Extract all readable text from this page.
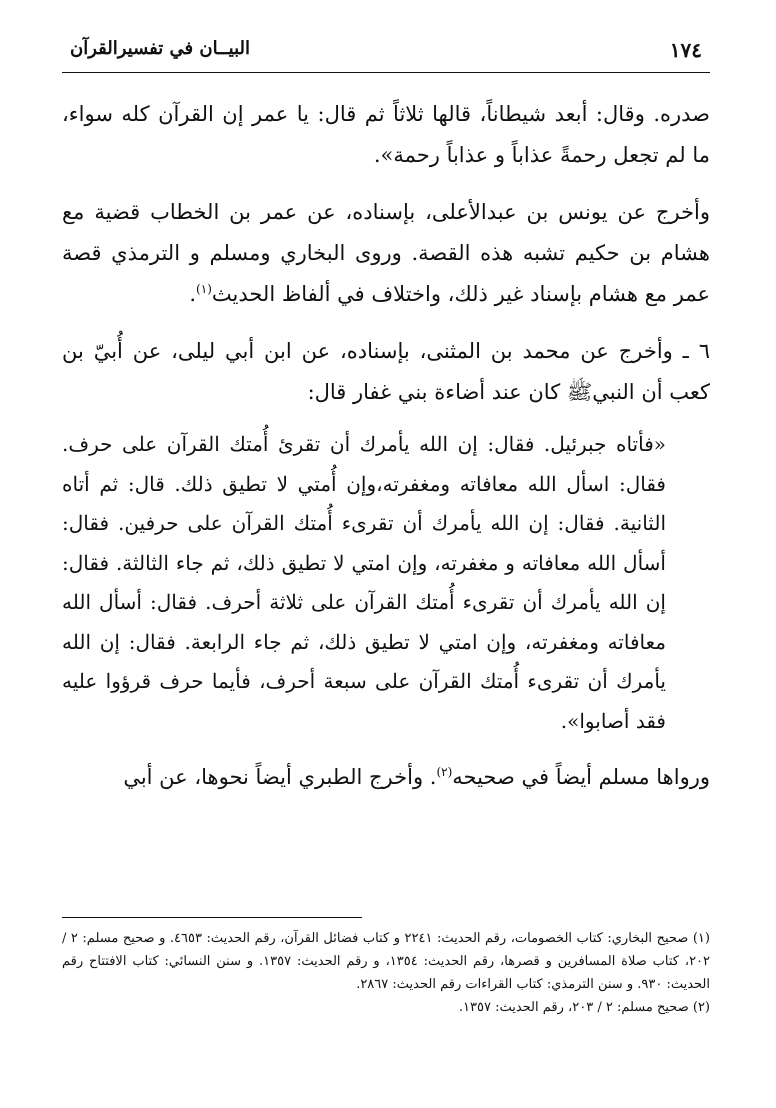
١٧٤
البيــان في تفسيرالقرآن

صدره. وقال: أبعد شيطاناً، قالها ثلاثاً ثم قال: يا عمر إن القرآن كله سواء، ما لم تجعل رحمةً عذاباً و عذاباً رحمة».

وأخرج عن يونس بن عبدالأعلى، بإسناده، عن عمر بن الخطاب قضية مع هشام بن حكيم تشبه هذه القصة. وروى البخاري ومسلم و الترمذي قصة عمر مع هشام بإسناد غير ذلك، واختلاف في ألفاظ الحديث$^{(١)}$.

٦ ـ وأخرج عن محمد بن المثنى، بإسناده، عن ابن أبي ليلى، عن أُبيّ بن كعب أن النبيﷺ كان عند أضاءة بني غفار قال:

«فأتاه جبرئيل. فقال: إن الله يأمرك أن تقرئ أُمتك القرآن على حرف. فقال: اسأل الله معافاته ومغفرته،وإن أُمتي لا تطيق ذلك. قال: ثم أتاه الثانية. فقال: إن الله يأمرك أن تقرىء أُمتك القرآن على حرفين. فقال: أسأل الله معافاته و مغفرته، وإن امتي لا تطيق ذلك، ثم جاء الثالثة. فقال: إن الله يأمرك أن تقرىء أُمتك القرآن على ثلاثة أحرف. فقال: أسأل الله معافاته ومغفرته، وإن امتي لا تطيق ذلك، ثم جاء الرابعة. فقال: إن الله يأمرك أن تقرىء أُمتك القرآن على سبعة أحرف، فأيما حرف قرؤوا عليه فقد أصابوا».

ورواها مسلم أيضاً في صحيحه$^{(٢)}$. وأخرج الطبري أيضاً نحوها، عن أبي

(١) صحيح البخاري: كتاب الخصومات، رقم الحديث: ٢٢٤١ و كتاب فضائل القرآن، رقم الحديث: ٤٦٥٣. و صحيح مسلم: ٢ / ٢٠٢، كتاب صلاة المسافرين و قصرها، رقم الحديث: ١٣٥٤، و رقم الحديث: ١٣٥٧. و سنن النسائي: كتاب الافتتاح رقم الحديث: ٩٣٠. و سنن الترمذي: كتاب القراءات رقم الحديث: ٢٨٦٧.

(٢) صحيح مسلم: ٢ / ٢٠٣، رقم الحديث: ١٣٥٧.
